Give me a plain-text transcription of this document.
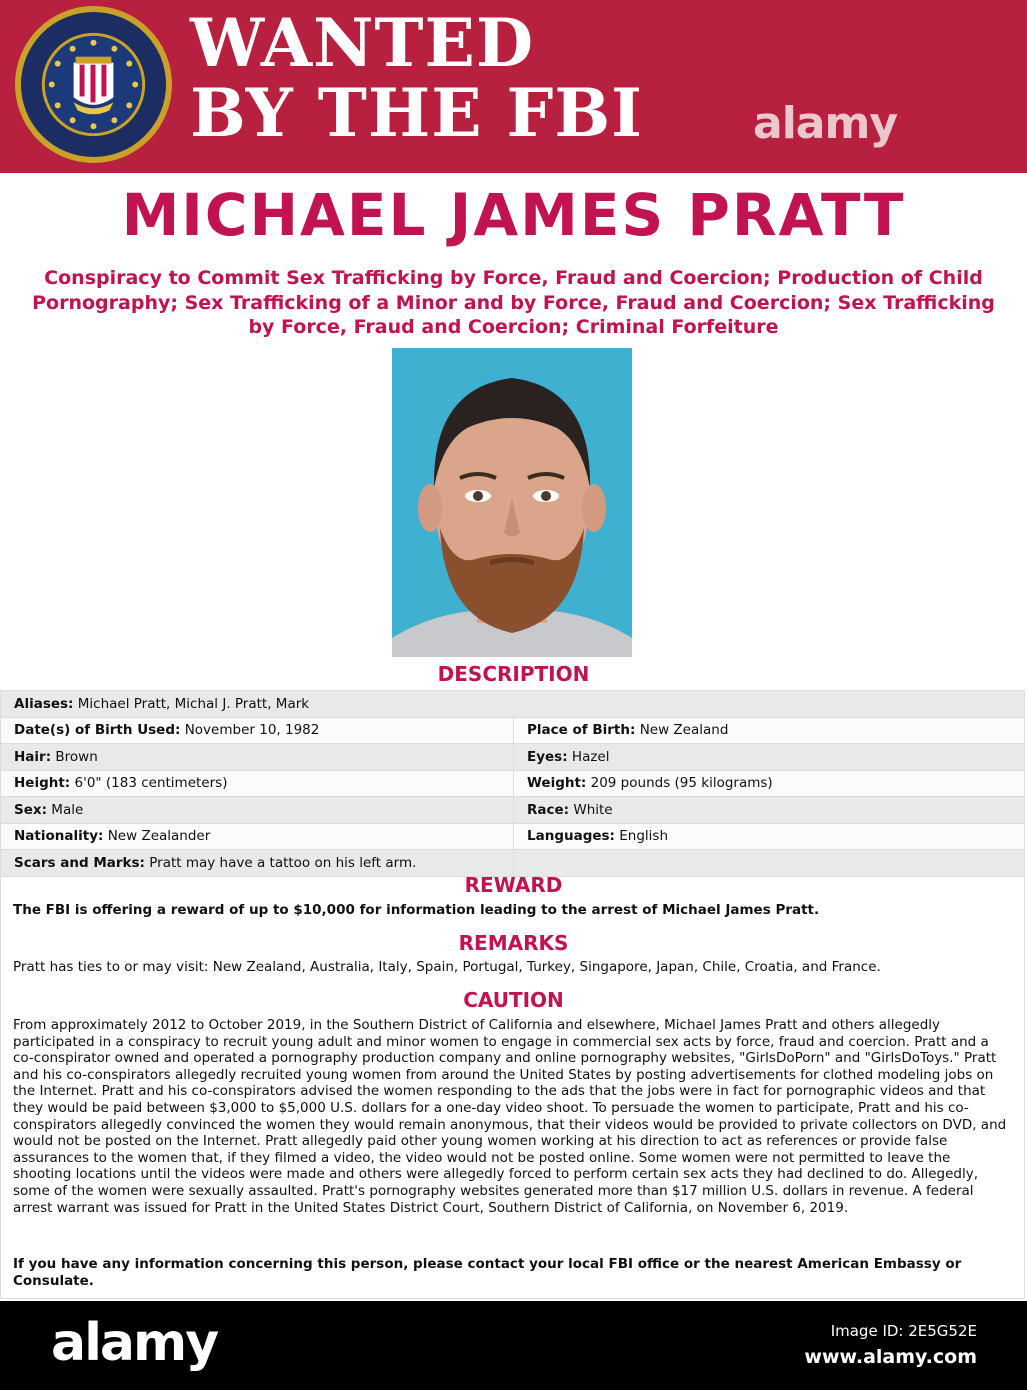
WANTED
BY THE FBI	alamy
MICHAEL JAMES PRATT
Conspiracy to Commit Sex Trafficking by Force, Fraud and Coercion; Production of Child Pornography; Sex Trafficking of a Minor and by Force, Fraud and Coercion; Sex Trafficking by Force, Fraud and Coercion; Criminal Forfeiture
DESCRIPTION
Aliases: Michael Pratt, Michal J. Pratt, Mark	
Date(s) of Birth Used: November 10, 1982	Place of Birth: New Zealand
Hair: Brown	Eyes: Hazel
Height: 6'0" (183 centimeters)	Weight: 209 pounds (95 kilograms)
Sex: Male	Race: White
Nationality: New Zealander	Languages: English
Scars and Marks: Pratt may have a tattoo on his left arm.	
REWARD
The FBI is offering a reward of up to $10,000 for information leading to the arrest of Michael James Pratt.
REMARKS
Pratt has ties to or may visit: New Zealand, Australia, Italy, Spain, Portugal, Turkey, Singapore, Japan, Chile, Croatia, and France.
CAUTION
From approximately 2012 to October 2019, in the Southern District of California and elsewhere, Michael James Pratt and others allegedly participated in a conspiracy to recruit young adult and minor women to engage in commercial sex acts by force, fraud and coercion. Pratt and a co-conspirator owned and operated a pornography production company and online pornography websites, "GirlsDoPorn" and "GirlsDoToys." Pratt and his co-conspirators allegedly recruited young women from around the United States by posting advertisements for clothed modeling jobs on the Internet. Pratt and his co-conspirators advised the women responding to the ads that the jobs were in fact for pornographic videos and that they would be paid between $3,000 to $5,000 U.S. dollars for a one-day video shoot. To persuade the women to participate, Pratt and his co-conspirators allegedly convinced the women they would remain anonymous, that their videos would be provided to private collectors on DVD, and would not be posted on the Internet. Pratt allegedly paid other young women working at his direction to act as references or provide false assurances to the women that, if they filmed a video, the video would not be posted online. Some women were not permitted to leave the shooting locations until the videos were made and others were allegedly forced to perform certain sex acts they had declined to do. Allegedly, some of the women were sexually assaulted. Pratt's pornography websites generated more than $17 million U.S. dollars in revenue. A federal arrest warrant was issued for Pratt in the United States District Court, Southern District of California, on November 6, 2019.
If you have any information concerning this person, please contact your local FBI office or the nearest American Embassy or Consulate.
alamy	Image ID: 2E5G52E
www.alamy.com
